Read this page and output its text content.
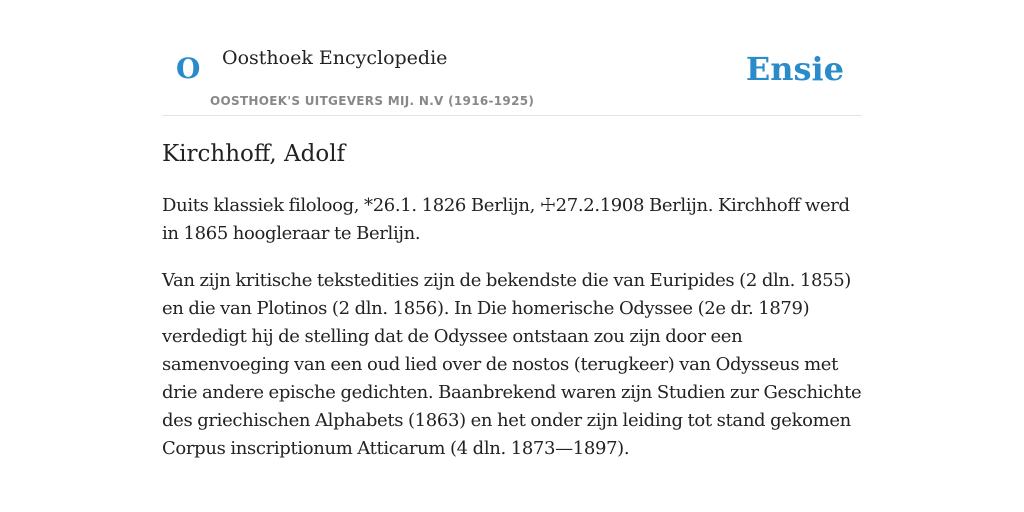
O Oosthoek Encyclopedie
OOSTHOEK'S UITGEVERS MIJ. N.V (1916-1925)
Ensie
Kirchhoff, Adolf

Duits klassiek filoloog, *26.1. 1826 Berlijn, ☩27.2.1908 Berlijn. Kirchhoff werd in 1865 hoogleraar te Berlijn.

Van zijn kritische tekstedities zijn de bekendste die van Euripides (2 dln. 1855) en die van Plotinos (2 dln. 1856). In Die homerische Odyssee (2e dr. 1879) verdedigt hij de stelling dat de Odyssee ontstaan zou zijn door een samenvoeging van een oud lied over de nostos (terugkeer) van Odysseus met drie andere epische gedichten. Baanbrekend waren zijn Studien zur Geschichte des griechischen Alphabets (1863) en het onder zijn leiding tot stand gekomen Corpus inscriptionum Atticarum (4 dln. 1873—1897).
